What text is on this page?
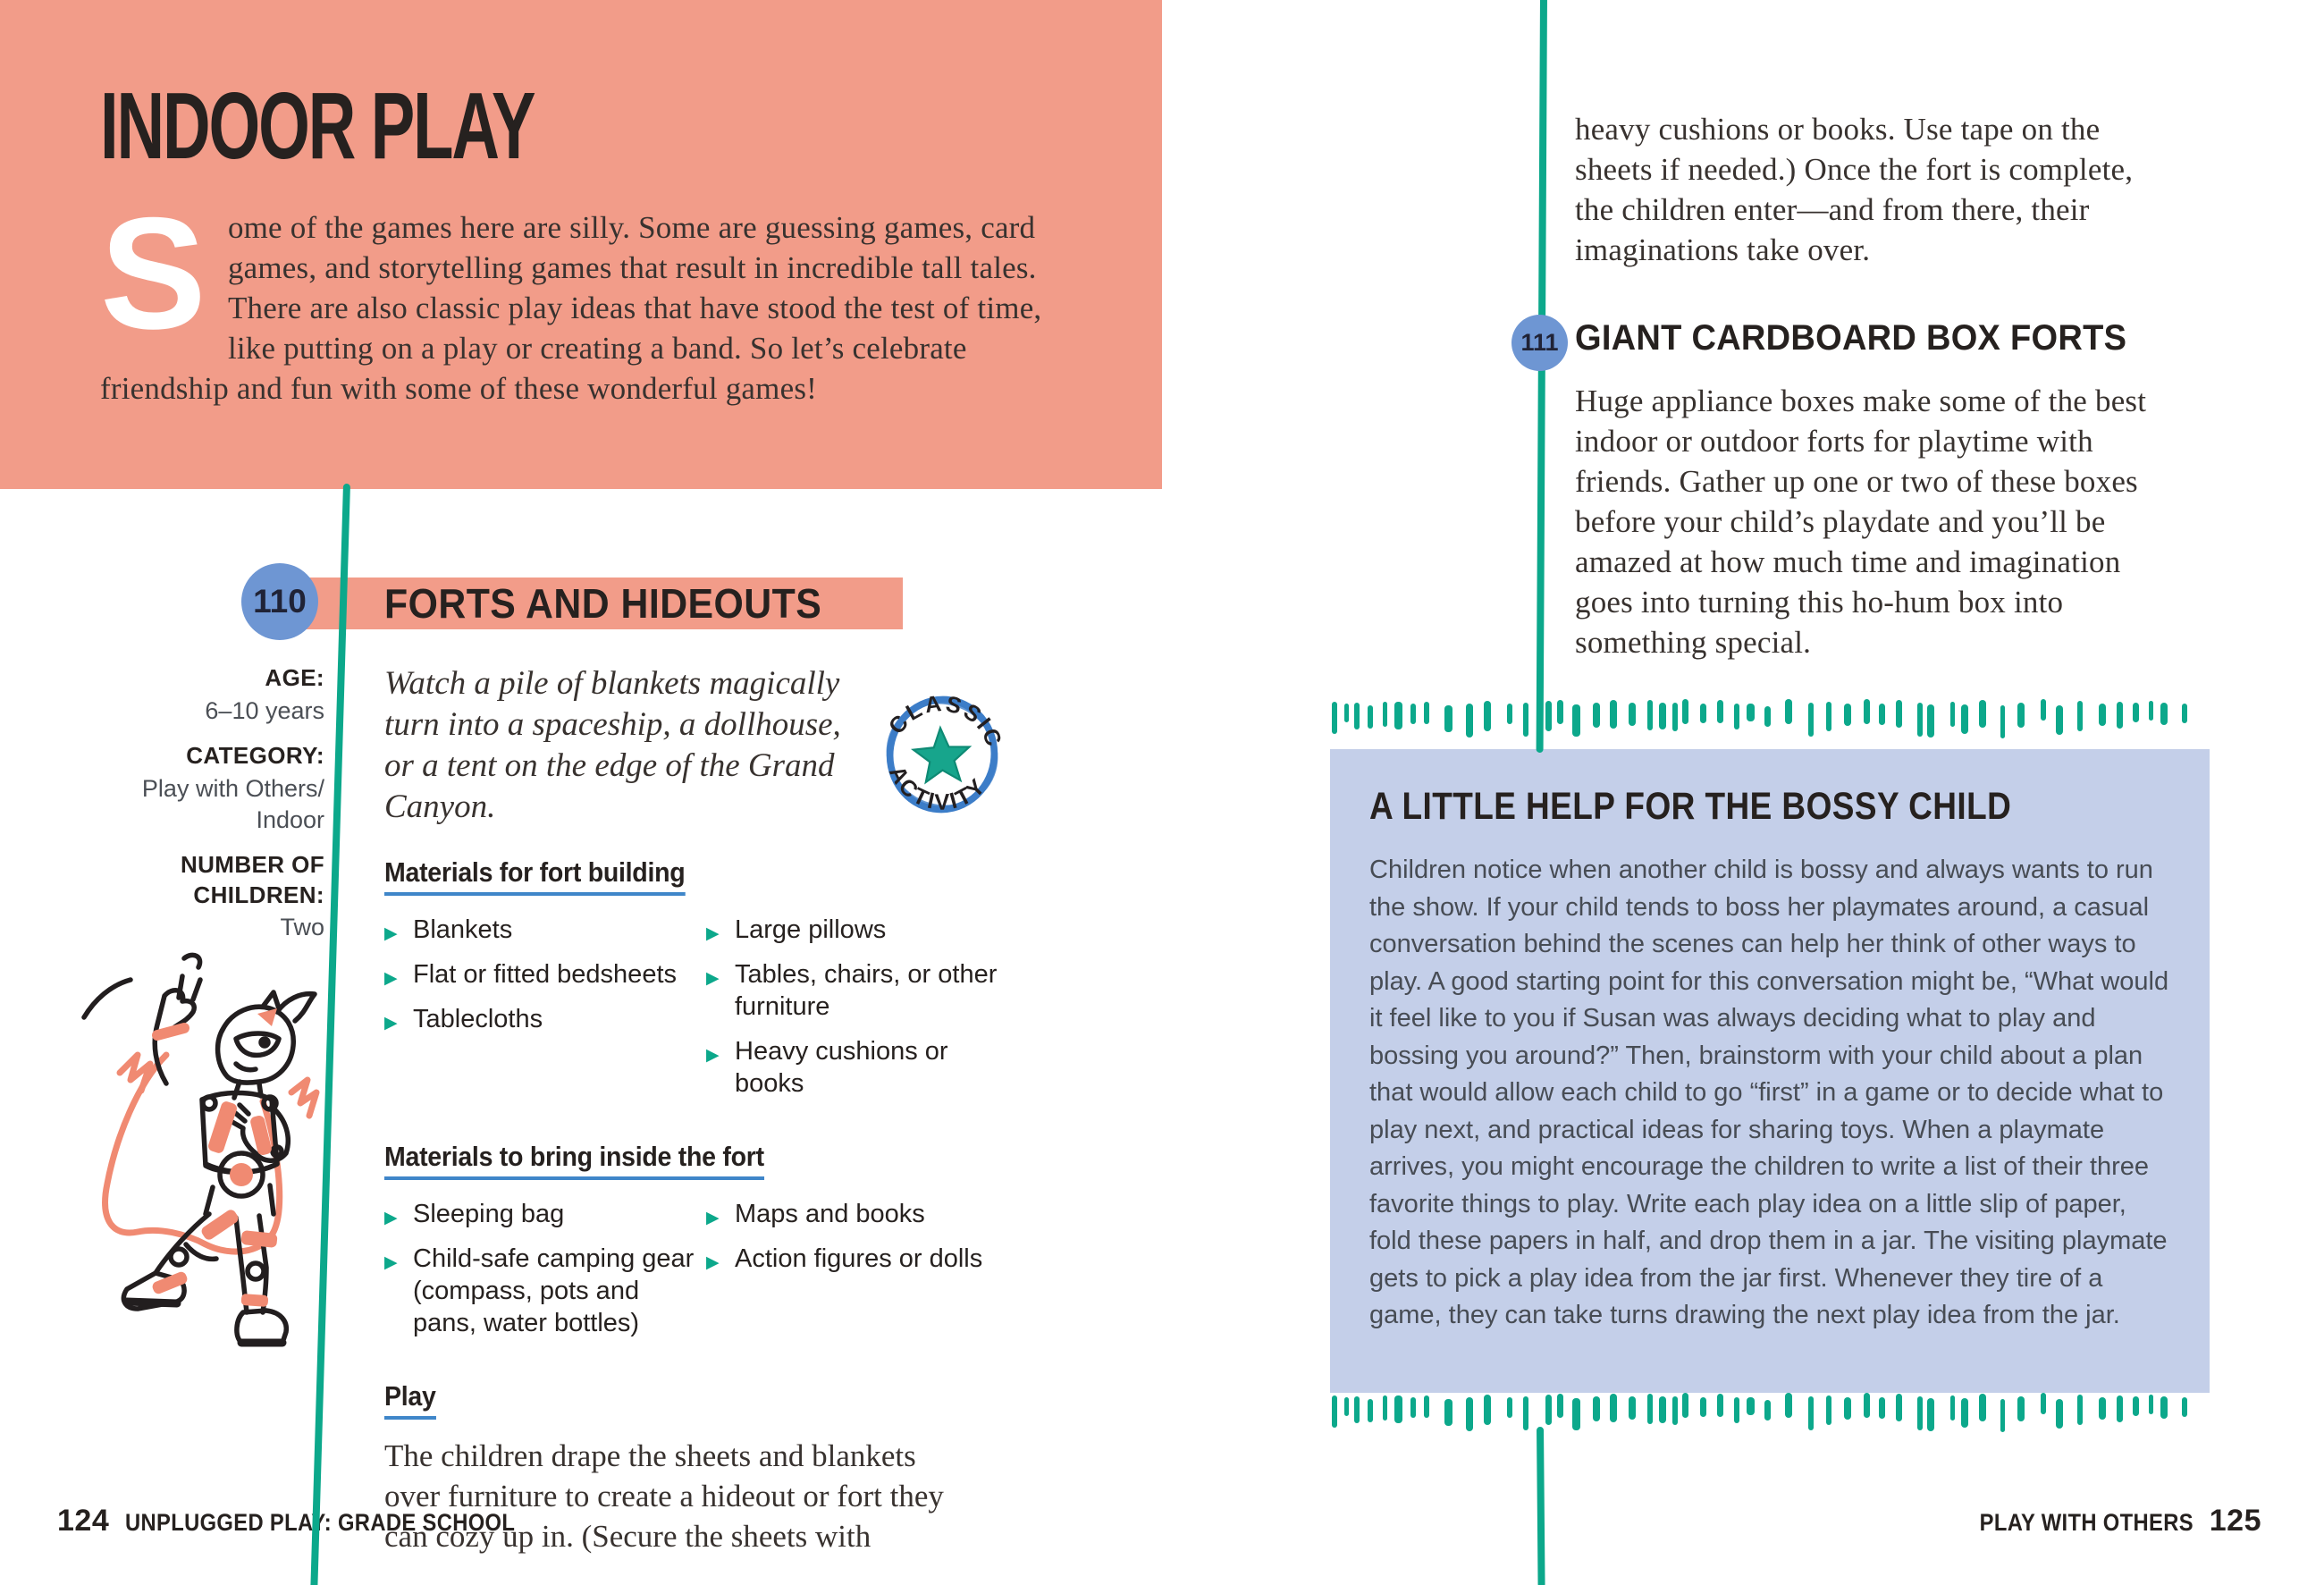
INDOOR PLAY

Some of the games here are silly. Some are guessing games, card games, and storytelling games that result in incredible tall tales. There are also classic play ideas that have stood the test of time, like putting on a play or creating a band. So let’s celebrate friendship and fun with some of these wonderful games!

FORTS AND HIDEOUTS
110
AGE:
6–10 years
CATEGORY:
Play with Others/ Indoor
NUMBER OF CHILDREN:
Two

Watch a pile of blankets magically turn into a spaceship, a dollhouse, or a tent on the edge of the Grand Canyon.

CLASSIC
ACTIVITY
Materials for fort building
▶ Blankets
▶ Flat or fitted bedsheets
▶ Tablecloths
▶ Large pillows
▶ Tables, chairs, or other furniture
▶ Heavy cushions or books
Materials to bring inside the fort
▶ Sleeping bag
▶ Child-safe camping gear (compass, pots and pans, water bottles)
▶ Maps and books
▶ Action figures or dolls
Play

The children drape the sheets and blankets over furniture to create a hideout or fort they can cozy up in. (Secure the sheets with

124 UNPLUGGED PLAY: GRADE SCHOOL

heavy cushions or books. Use tape on the sheets if needed.) Once the fort is complete, the children enter—and from there, their imaginations take over.

111 GIANT CARDBOARD BOX FORTS

Huge appliance boxes make some of the best indoor or outdoor forts for playtime with friends. Gather up one or two of these boxes before your child’s playdate and you’ll be amazed at how much time and imagination goes into turning this ho-hum box into something special.

A LITTLE HELP FOR THE BOSSY CHILD

Children notice when another child is bossy and always wants to run the show. If your child tends to boss her playmates around, a casual conversation behind the scenes can help her think of other ways to play. A good starting point for this conversation might be, “What would it feel like to you if Susan was always deciding what to play and bossing you around?” Then, brainstorm with your child about a plan that would allow each child to go “first” in a game or to decide what to play next, and practical ideas for sharing toys. When a playmate arrives, you might encourage the children to write a list of their three favorite things to play. Write each play idea on a little slip of paper, fold these papers in half, and drop them in a jar. The visiting playmate gets to pick a play idea from the jar first. Whenever they tire of a game, they can take turns drawing the next play idea from the jar.

PLAY WITH OTHERS 125
